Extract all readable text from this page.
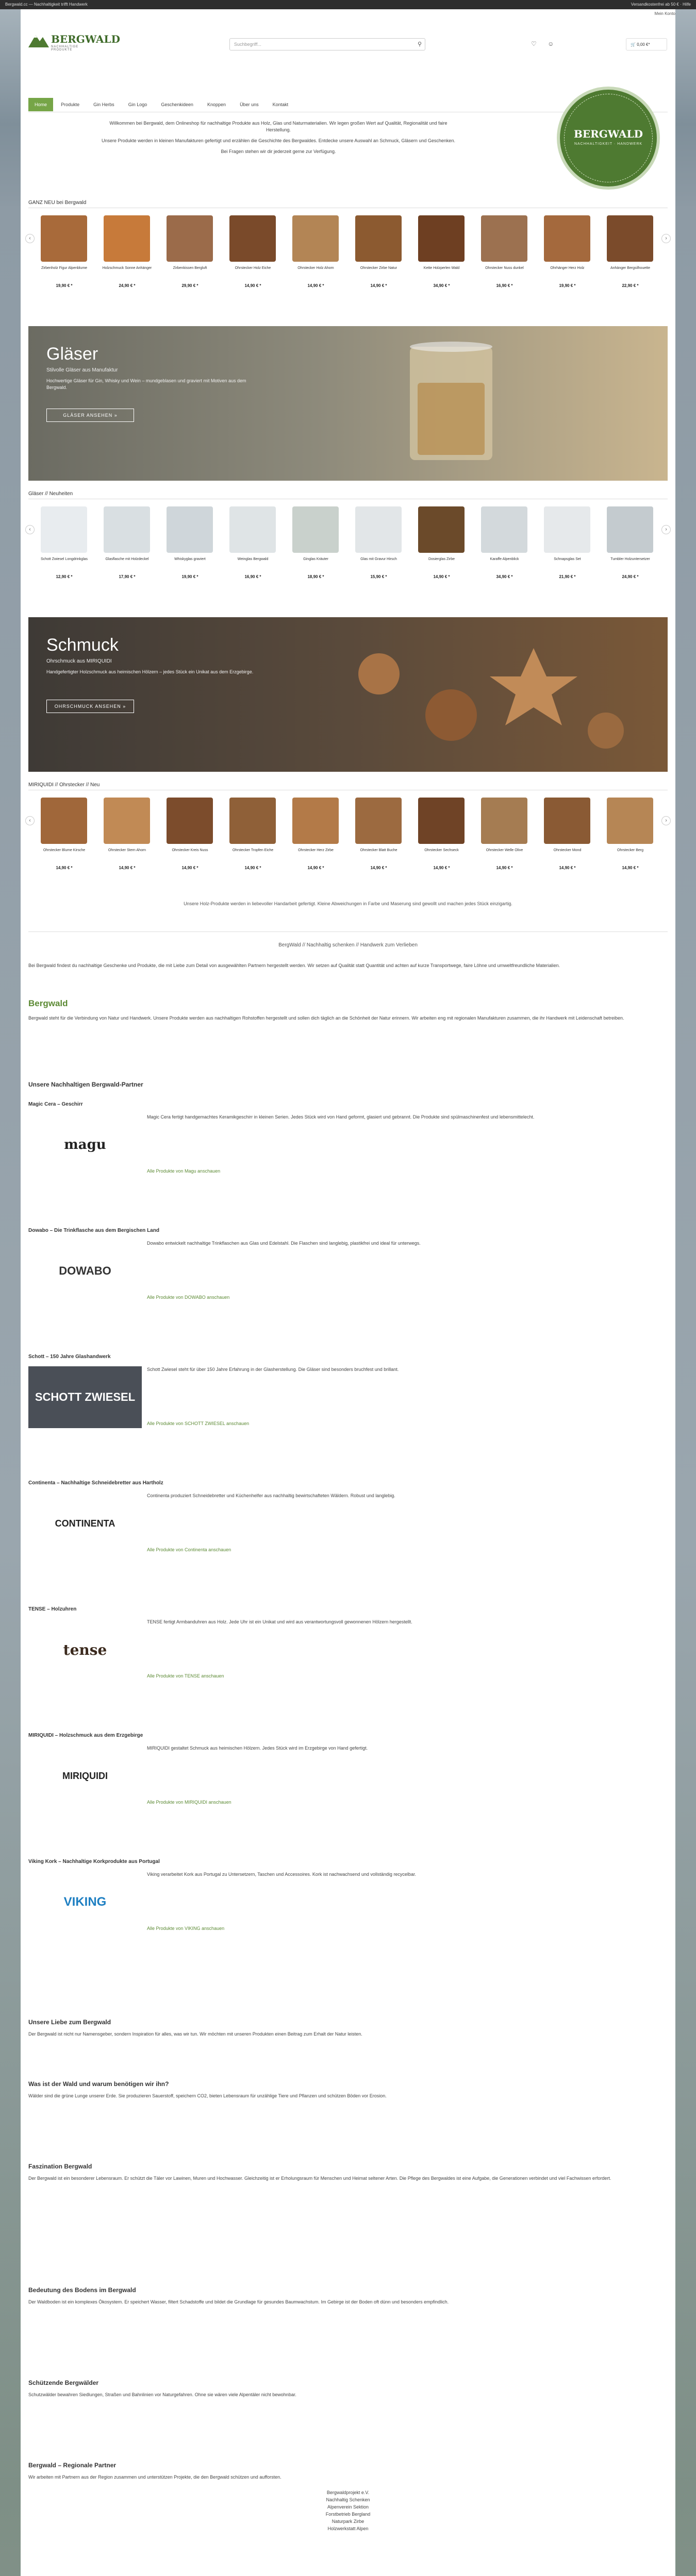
Bergwald.cc — Nachhaltigkeit trifft Handwerk	Versandkostenfrei ab 50 € · Hilfe
BERGWALD
NACHHALTIGE PRODUKTE
Suchbegriff...	⚲	♡ ☺	🛒 0,00 €*
Mein Konto
Home	Produkte	Gin Herbs	Gin Logo	Geschenkideen	Knoppen	Über uns	Kontakt

Willkommen bei Bergwald, dem Onlineshop für nachhaltige Produkte aus Holz, Glas und Naturmaterialien. Wir legen großen Wert auf Qualität, Regionalität und faire Herstellung.

Unsere Produkte werden in kleinen Manufakturen gefertigt und erzählen die Geschichte des Bergwaldes. Entdecke unsere Auswahl an Schmuck, Gläsern und Geschenken.

Bei Fragen stehen wir dir jederzeit gerne zur Verfügung.

BERGWALD
NACHHALTIGKEIT · HANDWERK
GANZ NEU bei Bergwald
Zirbenholz Figur Alpenblume
19,90 € *
Holzschmuck Sonne Anhänger
24,90 € *
Zirbenkissen Bergluft
29,90 € *
Ohrstecker Holz Eiche
14,90 € *
Ohrstecker Holz Ahorn
14,90 € *
Ohrstecker Zirbe Natur
14,90 € *
Kette Holzperlen Wald
34,90 € *
Ohrstecker Nuss dunkel
16,90 € *
Ohrhänger Herz Holz
19,90 € *
Anhänger Bergsilhouette
22,90 € *
‹	›
Gläser
Stilvolle Gläser aus Manufaktur
Hochwertige Gläser für Gin, Whisky und Wein – mundgeblasen und graviert mit Motiven aus dem Bergwald.
GLÄSER ANSEHEN »
Gläser // Neuheiten
Schott Zwiesel Longdrinkglas
12,90 € *
Glasflasche mit Holzdeckel
17,90 € *
Whiskyglas graviert
19,90 € *
Weinglas Bergwald
16,90 € *
Ginglas Kräuter
18,90 € *
Glas mit Gravur Hirsch
15,90 € *
Dosierglas Zirbe
14,90 € *
Karaffe Alpenblick
34,90 € *
Schnapsglas Set
21,90 € *
Tumbler Holzuntersetzer
24,90 € *
‹	›
Schmuck
Ohrschmuck aus MIRIQUIDI
Handgefertigter Holzschmuck aus heimischen Hölzern – jedes Stück ein Unikat aus dem Erzgebirge.
OHRSCHMUCK ANSEHEN »
MIRIQUIDI // Ohrstecker // Neu
Ohrstecker Blume Kirsche
14,90 € *
Ohrstecker Stern Ahorn
14,90 € *
Ohrstecker Kreis Nuss
14,90 € *
Ohrstecker Tropfen Eiche
14,90 € *
Ohrstecker Herz Zirbe
14,90 € *
Ohrstecker Blatt Buche
14,90 € *
Ohrstecker Sechseck
14,90 € *
Ohrstecker Welle Olive
14,90 € *
Ohrstecker Mond
14,90 € *
Ohrstecker Berg
14,90 € *
‹	›
Unsere Holz-Produkte werden in liebevoller Handarbeit gefertigt. Kleine Abweichungen in Farbe und Maserung sind gewollt und machen jedes Stück einzigartig.
BergWald // Nachhaltig schenken // Handwerk zum Verlieben
Bei Bergwald findest du nachhaltige Geschenke und Produkte, die mit Liebe zum Detail von ausgewählten Partnern hergestellt werden. Wir setzen auf Qualität statt Quantität und achten auf kurze Transportwege, faire Löhne und umweltfreundliche Materialien.
Bergwald
Bergwald steht für die Verbindung von Natur und Handwerk. Unsere Produkte werden aus nachhaltigen Rohstoffen hergestellt und sollen dich täglich an die Schönheit der Natur erinnern. Wir arbeiten eng mit regionalen Manufakturen zusammen, die ihr Handwerk mit Leidenschaft betreiben.
Unsere Nachhaltigen Bergwald-Partner
Magic Cera – Geschirr
magu
Magic Cera fertigt handgemachtes Keramikgeschirr in kleinen Serien. Jedes Stück wird von Hand geformt, glasiert und gebrannt. Die Produkte sind spülmaschinenfest und lebensmittelecht.
Alle Produkte von Magu anschauen
Dowabo – Die Trinkflasche aus dem Bergischen Land
DOWABO
Dowabo entwickelt nachhaltige Trinkflaschen aus Glas und Edelstahl. Die Flaschen sind langlebig, plastikfrei und ideal für unterwegs.
Alle Produkte von DOWABO anschauen
Schott – 150 Jahre Glashandwerk
SCHOTT ZWIESEL
Schott Zwiesel steht für über 150 Jahre Erfahrung in der Glasherstellung. Die Gläser sind besonders bruchfest und brillant.
Alle Produkte von SCHOTT ZWIESEL anschauen
Continenta – Nachhaltige Schneidebretter aus Hartholz
CONTINENTA
Continenta produziert Schneidebretter und Küchenhelfer aus nachhaltig bewirtschafteten Wäldern. Robust und langlebig.
Alle Produkte von Continenta anschauen
TENSE – Holzuhren
tense
TENSE fertigt Armbanduhren aus Holz. Jede Uhr ist ein Unikat und wird aus verantwortungsvoll gewonnenen Hölzern hergestellt.
Alle Produkte von TENSE anschauen
MIRIQUIDI – Holzschmuck aus dem Erzgebirge
MIRIQUIDI
MIRIQUIDI gestaltet Schmuck aus heimischen Hölzern. Jedes Stück wird im Erzgebirge von Hand gefertigt.
Alle Produkte von MIRIQUIDI anschauen
Viking Kork – Nachhaltige Korkprodukte aus Portugal
VIKING
Viking verarbeitet Kork aus Portugal zu Untersetzern, Taschen und Accessoires. Kork ist nachwachsend und vollständig recycelbar.
Alle Produkte von VIKING anschauen
Unsere Liebe zum Bergwald
Der Bergwald ist nicht nur Namensgeber, sondern Inspiration für alles, was wir tun. Wir möchten mit unseren Produkten einen Beitrag zum Erhalt der Natur leisten.
Was ist der Wald und warum benötigen wir ihn?
Wälder sind die grüne Lunge unserer Erde. Sie produzieren Sauerstoff, speichern CO2, bieten Lebensraum für unzählige Tiere und Pflanzen und schützen Böden vor Erosion.
Faszination Bergwald
Der Bergwald ist ein besonderer Lebensraum. Er schützt die Täler vor Lawinen, Muren und Hochwasser. Gleichzeitig ist er Erholungsraum für Menschen und Heimat seltener Arten. Die Pflege des Bergwaldes ist eine Aufgabe, die Generationen verbindet und viel Fachwissen erfordert.
Bedeutung des Bodens im Bergwald
Der Waldboden ist ein komplexes Ökosystem. Er speichert Wasser, filtert Schadstoffe und bildet die Grundlage für gesundes Baumwachstum. Im Gebirge ist der Boden oft dünn und besonders empfindlich.
Schützende Bergwälder
Schutzwälder bewahren Siedlungen, Straßen und Bahnlinien vor Naturgefahren. Ohne sie wären viele Alpentäler nicht bewohnbar.
Bergwald – Regionale Partner
Wir arbeiten mit Partnern aus der Region zusammen und unterstützen Projekte, die den Bergwald schützen und aufforsten.
Bergwaldprojekt e.V.
Nachhaltig Schenken
Alpenverein Sektion
Forstbetrieb Bergland
Naturpark Zirbe
Holzwerkstatt Alpen
